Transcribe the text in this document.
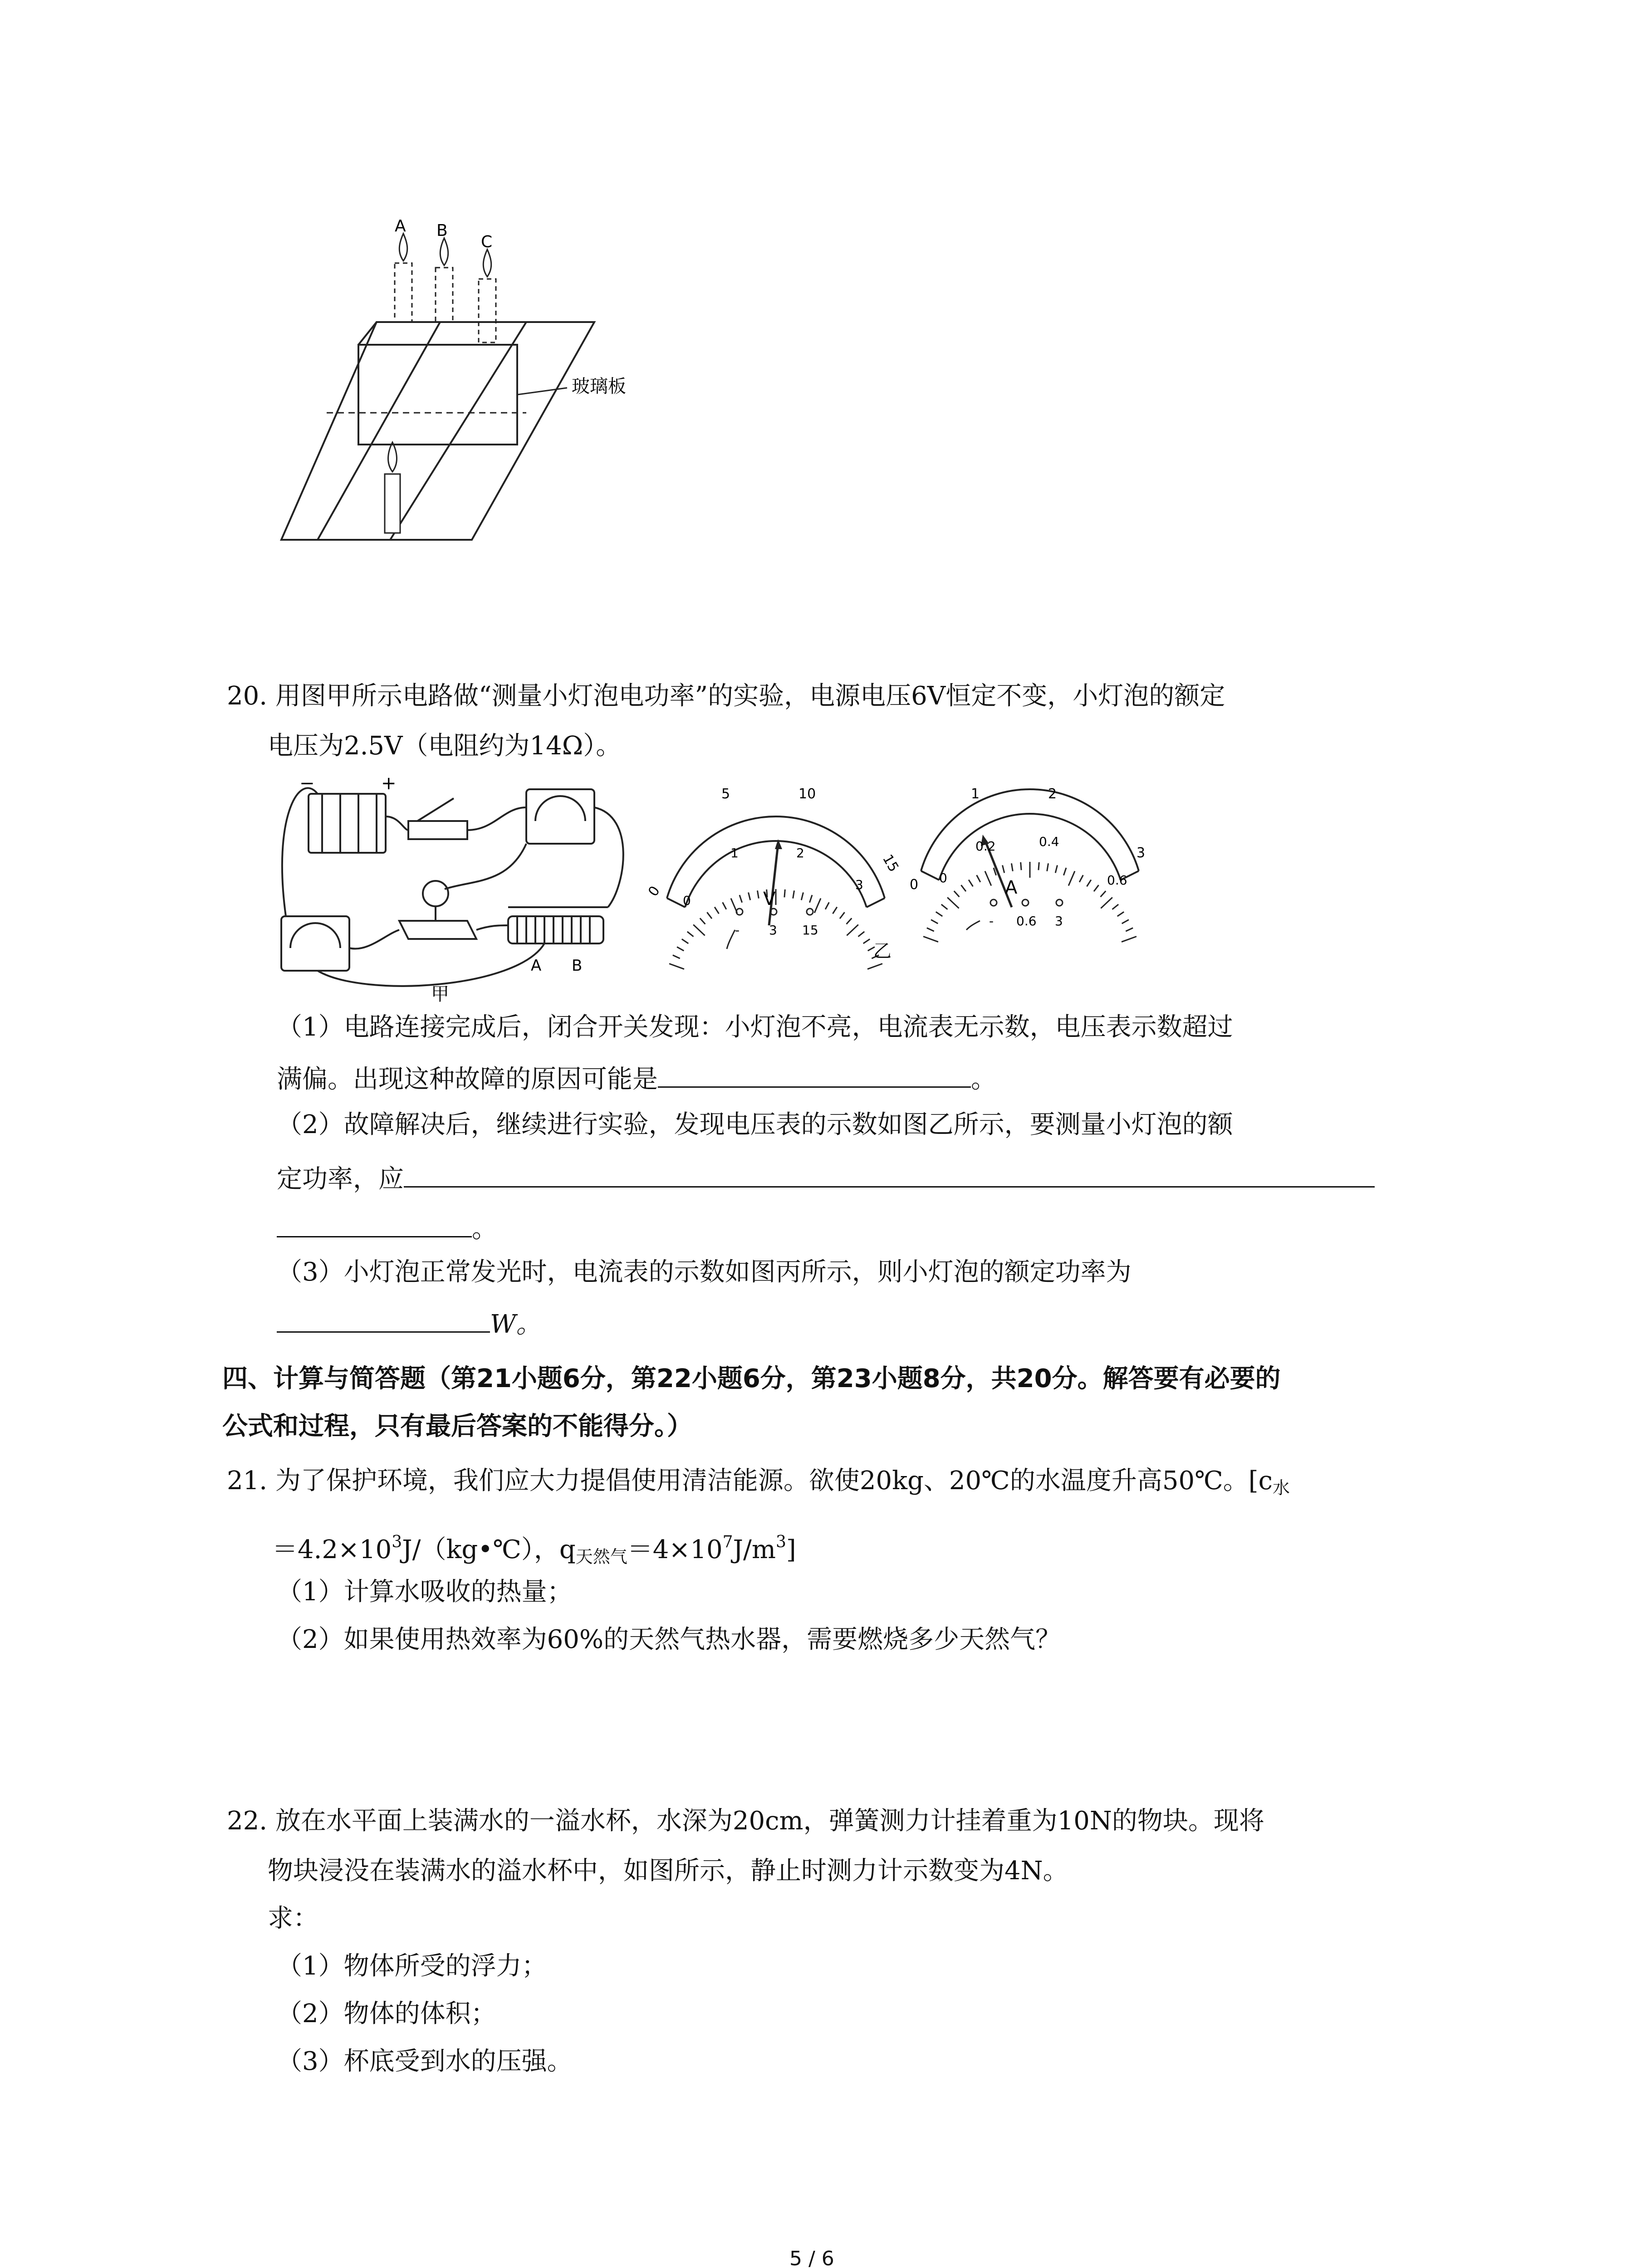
A B
C
玻璃板
20. 用图甲所示电路做“测量小灯泡电功率”的实验，电源电压6V恒定不变，小灯泡的额定
电压为2.5V（电阻约为14Ω）。
−	+
A B
甲
0
5	10
15
0
1	2
3
V
- 3 15
0
1	2
3
0
0.2	0.4
0.6
A
- 0.6 3
乙
（1）电路连接完成后，闭合开关发现：小灯泡不亮，电流表无示数，电压表示数超过
满偏。出现这种故障的原因可能是	。
（2）故障解决后，继续进行实验，发现电压表的示数如图乙所示，要测量小灯泡的额
定功率，应
。
（3）小灯泡正常发光时，电流表的示数如图丙所示，则小灯泡的额定功率为
W。
四、计算与简答题（第21小题6分，第22小题6分，第23小题8分，共20分。解答要有必要的
公式和过程，只有最后答案的不能得分。）
21. 为了保护环境，我们应大力提倡使用清洁能源。欲使20kg、20℃的水温度升高50℃。[$c_水$
$=4.2\times 10^3J/(kg•℃)$，$q_{天然气}=4\times 10^7J/m^3$]
（1）计算水吸收的热量；
（2）如果使用热效率为60%的天然气热水器，需要燃烧多少天然气？
22. 放在水平面上装满水的一溢水杯，水深为20cm，弹簧测力计挂着重为10N的物块。现将
物块浸没在装满水的溢水杯中，如图所示，静止时测力计示数变为4N。
求：
（1）物体所受的浮力；
（2）物体的体积；
（3）杯底受到水的压强。
5 / 6
